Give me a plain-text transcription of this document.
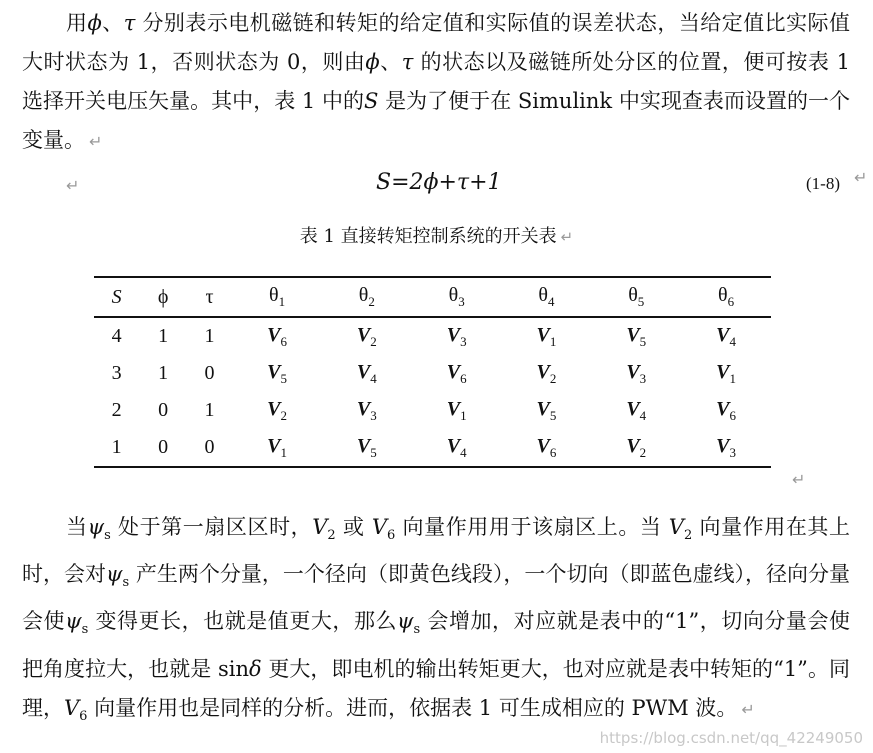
用ϕ、τ 分别表示电机磁链和转矩的给定值和实际值的误差状态，当给定值比实际值大时状态为 1，否则状态为 0，则由ϕ、τ 的状态以及磁链所处分区的位置，便可按表 1 选择开关电压矢量。其中，表 1 中的S 是为了便于在 Simulink 中实现查表而设置的一个变量。 ↵

↵	S=2ϕ+τ+1	(1-8) ↵
表 1 直接转矩控制系统的开关表 ↵
S	ϕ	τ	$\theta_1$	$\theta_2$	$\theta_3$	$\theta_4$	$\theta_5$	$\theta_6$
4	1	1	$V_6$	$V_2$	$V_3$	$V_1$	$V_5$	$V_4$
3	1	0	$V_5$	$V_4$	$V_6$	$V_2$	$V_3$	$V_1$
2	0	1	$V_2$	$V_3$	$V_1$	$V_5$	$V_4$	$V_6$
1	0	0	$V_1$	$V_5$	$V_4$	$V_6$	$V_2$	$V_3$
↵

当$\psi_s$ 处于第一扇区区时，$V_2$ 或 $V_6$ 向量作用用于该扇区上。当 $V_2$ 向量作用在其上时，会对$\psi_s$ 产生两个分量，一个径向（即黄色线段），一个切向（即蓝色虚线），径向分量会使$\psi_s$ 变得更长，也就是值更大，那么$\psi_s$ 会增加，对应就是表中的“1”，切向分量会使把角度拉大，也就是 sinδ 更大，即电机的输出转矩更大，也对应就是表中转矩的“1”。同理，$V_6$ 向量作用也是同样的分析。进而，依据表 1 可生成相应的 PWM 波。 ↵

https://blog.csdn.net/qq_42249050
